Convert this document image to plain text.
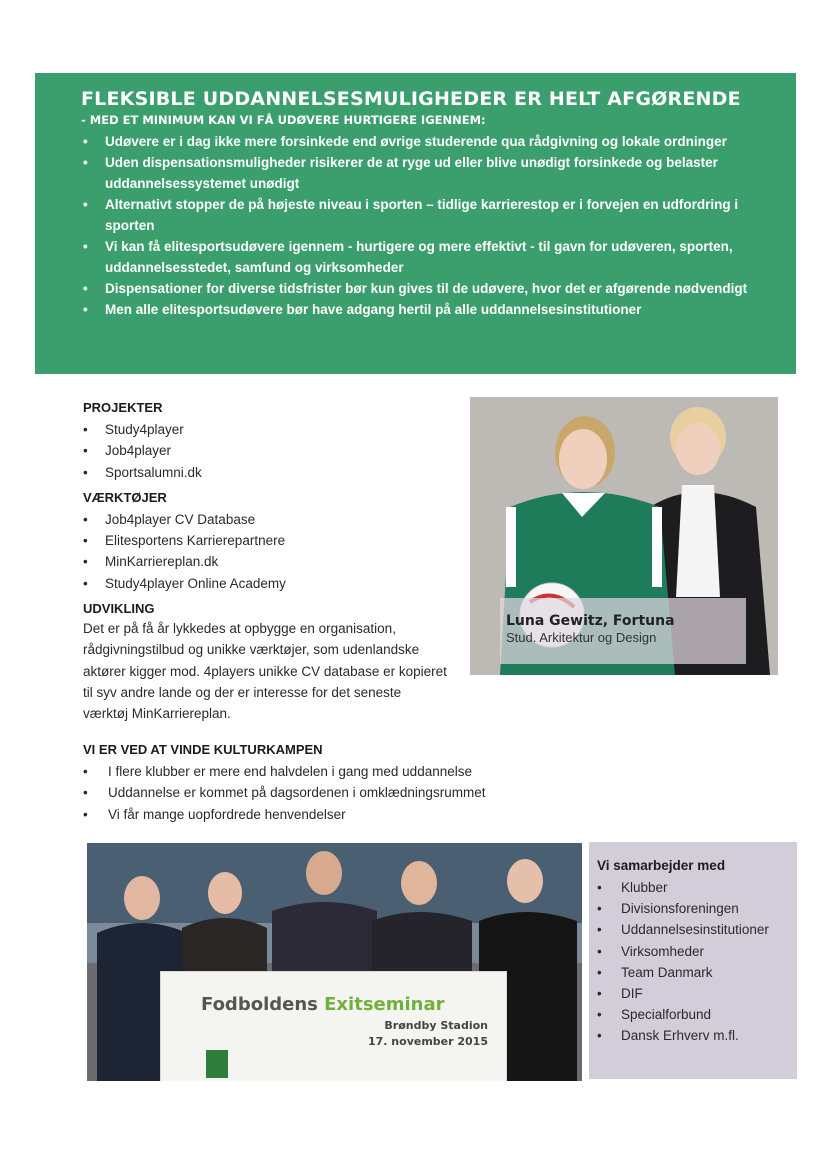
FLEKSIBLE UDDANNELSESMULIGHEDER ER HELT AFGØRENDE
- MED ET MINIMUM KAN VI FÅ UDØVERE HURTIGERE IGENNEM:
• Udøvere er i dag ikke mere forsinkede end øvrige studerende qua rådgivning og lokale ordninger
• Uden dispensationsmuligheder risikerer de at ryge ud eller blive unødigt forsinkede og belaster uddannelsessystemet unødigt
• Alternativt stopper de på højeste niveau i sporten – tidlige karrierestop er i forvejen en udfordring i sporten
• Vi kan få elitesportsudøvere igennem - hurtigere og mere effektivt - til gavn for udøveren, sporten, uddannelsesstedet, samfund og virksomheder
• Dispensationer for diverse tidsfrister bør kun gives til de udøvere, hvor det er afgørende nødvendigt
• Men alle elitesportsudøvere bør have adgang hertil på alle uddannelsesinstitutioner
PROJEKTER
• Study4player
• Job4player
• Sportsalumni.dk
VÆRKTØJER
• Job4player CV Database
• Elitesportens Karrierepartnere
• MinKarriereplan.dk
• Study4player Online Academy
UDVIKLING

Det er på få år lykkedes at opbygge en organisation, rådgivningstilbud og unikke værktøjer, som udenlandske aktører kigger mod. 4players unikke CV database er kopieret til syv andre lande og der er interesse for det seneste værktøj MinKarriereplan.

VI ER VED AT VINDE KULTURKAMPEN
• I flere klubber er mere end halvdelen i gang med uddannelse
• Uddannelse er kommet på dagsordenen i omklædningsrummet
• Vi får mange uopfordrede henvendelser
Luna Gewitz, Fortuna
Stud. Arkitektur og Design
Fodboldens Exitseminar
Brøndby Stadion
17. november 2015
Vi samarbejder med
• Klubber
• Divisionsforeningen
• Uddannelsesinstitutioner
• Virksomheder
• Team Danmark
• DIF
• Specialforbund
• Dansk Erhverv m.fl.
